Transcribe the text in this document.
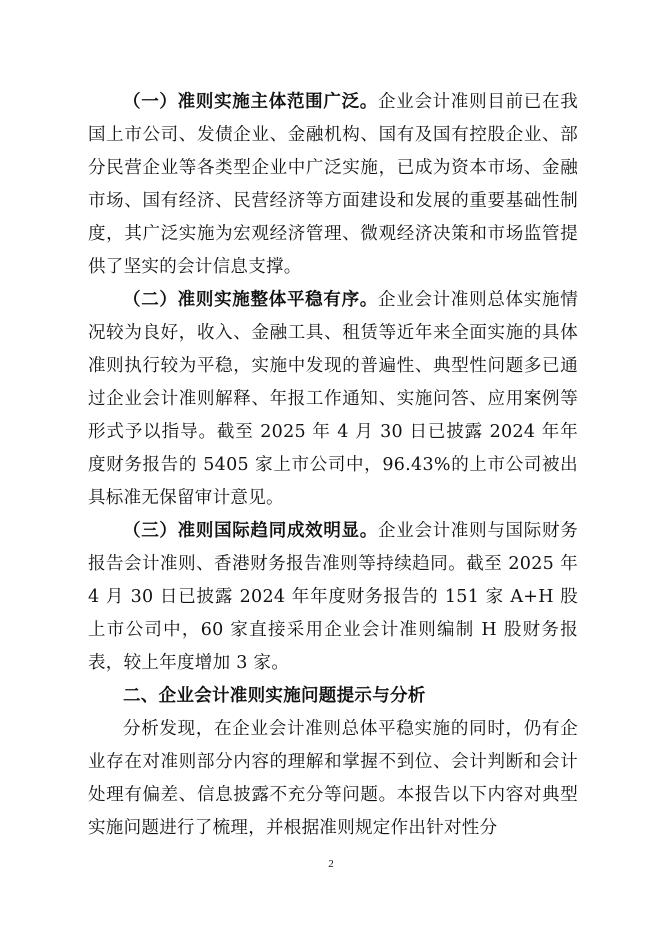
（一）准则实施主体范围广泛。企业会计准则目前已在我国上市公司、发债企业、金融机构、国有及国有控股企业、部分民营企业等各类型企业中广泛实施，已成为资本市场、金融市场、国有经济、民营经济等方面建设和发展的重要基础性制度，其广泛实施为宏观经济管理、微观经济决策和市场监管提供了坚实的会计信息支撑。

（二）准则实施整体平稳有序。企业会计准则总体实施情况较为良好，收入、金融工具、租赁等近年来全面实施的具体准则执行较为平稳，实施中发现的普遍性、典型性问题多已通过企业会计准则解释、年报工作通知、实施问答、应用案例等形式予以指导。截至 2025 年 4 月 30 日已披露 2024 年年度财务报告的 5405 家上市公司中，96.43%的上市公司被出具标准无保留审计意见。

（三）准则国际趋同成效明显。企业会计准则与国际财务报告会计准则、香港财务报告准则等持续趋同。截至 2025 年 4 月 30 日已披露 2024 年年度财务报告的 151 家 A+H 股上市公司中，60 家直接采用企业会计准则编制 H 股财务报表，较上年度增加 3 家。

二、企业会计准则实施问题提示与分析

分析发现，在企业会计准则总体平稳实施的同时，仍有企业存在对准则部分内容的理解和掌握不到位、会计判断和会计处理有偏差、信息披露不充分等问题。本报告以下内容对典型实施问题进行了梳理，并根据准则规定作出针对性分

2
